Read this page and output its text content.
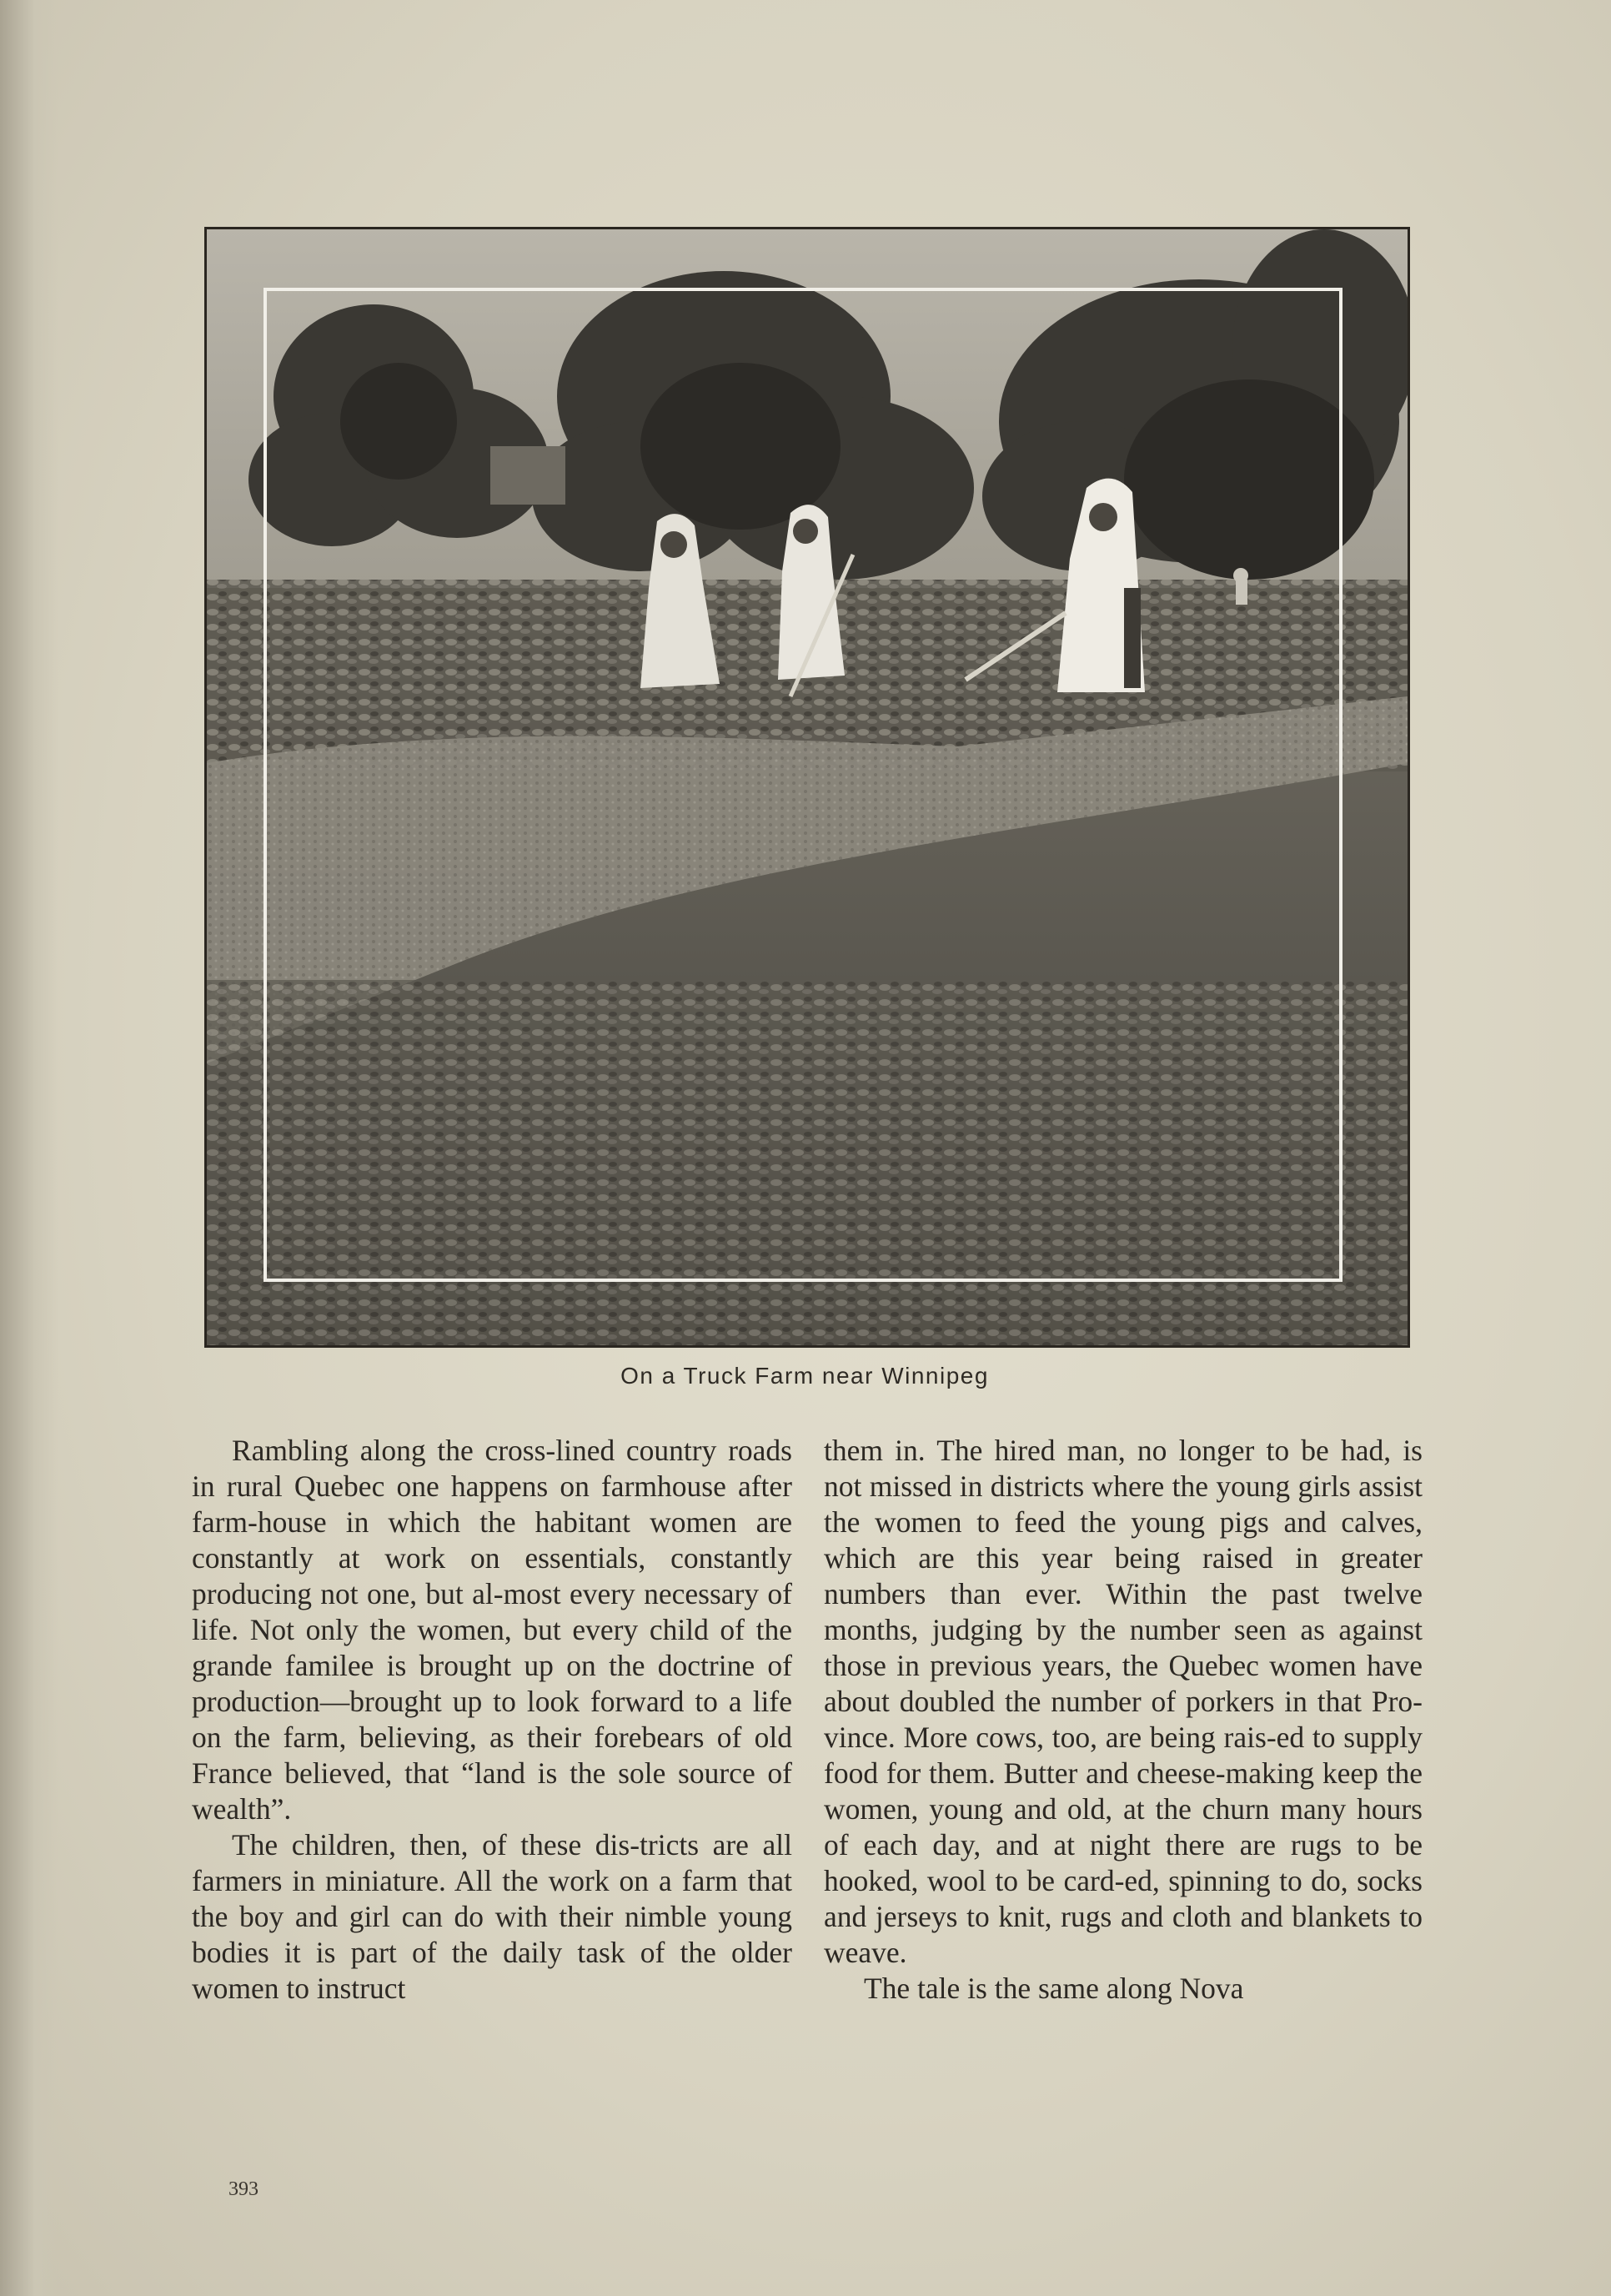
On a Truck Farm near Winnipeg

Rambling along the cross-lined country roads in rural Quebec one happens on farmhouse after farm-house in which the habitant women are constantly at work on essentials, constantly producing not one, but al-most every necessary of life. Not only the women, but every child of the grande familee is brought up on the doctrine of production—brought up to look forward to a life on the farm, believing, as their forebears of old France believed, that “land is the sole source of wealth”.

The children, then, of these dis-tricts are all farmers in miniature. All the work on a farm that the boy and girl can do with their nimble young bodies it is part of the daily task of the older women to instruct

them in. The hired man, no longer to be had, is not missed in districts where the young girls assist the women to feed the young pigs and calves, which are this year being raised in greater numbers than ever. Within the past twelve months, judging by the number seen as against those in previous years, the Quebec women have about doubled the number of porkers in that Pro-vince. More cows, too, are being rais-ed to supply food for them. Butter and cheese-making keep the women, young and old, at the churn many hours of each day, and at night there are rugs to be hooked, wool to be card-ed, spinning to do, socks and jerseys to knit, rugs and cloth and blankets to weave.

The tale is the same along Nova

393
